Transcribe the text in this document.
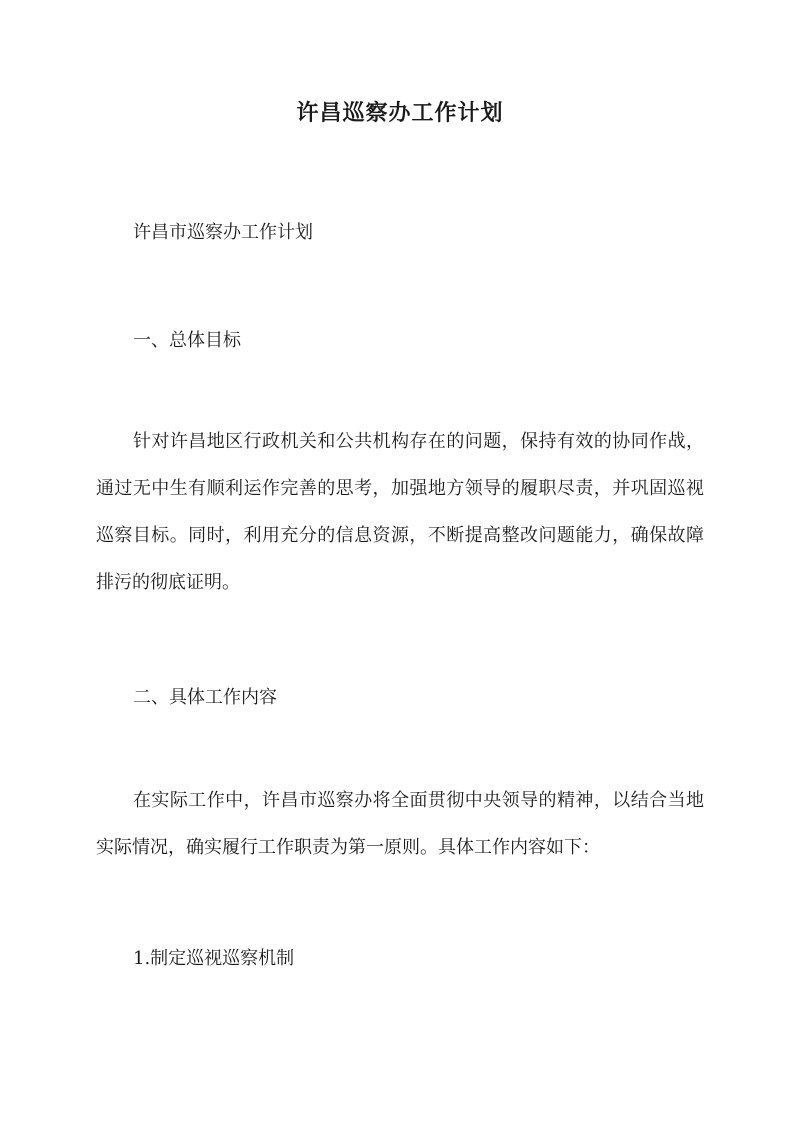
许昌巡察办工作计划
许昌市巡察办工作计划
一、总体目标
针对许昌地区行政机关和公共机构存在的问题，保持有效的协同作战，通过无中生有顺利运作完善的思考，加强地方领导的履职尽责，并巩固巡视巡察目标。同时，利用充分的信息资源，不断提高整改问题能力，确保故障排污的彻底证明。
二、具体工作内容
在实际工作中，许昌市巡察办将全面贯彻中央领导的精神，以结合当地实际情况，确实履行工作职责为第一原则。具体工作内容如下：
1.制定巡视巡察机制
